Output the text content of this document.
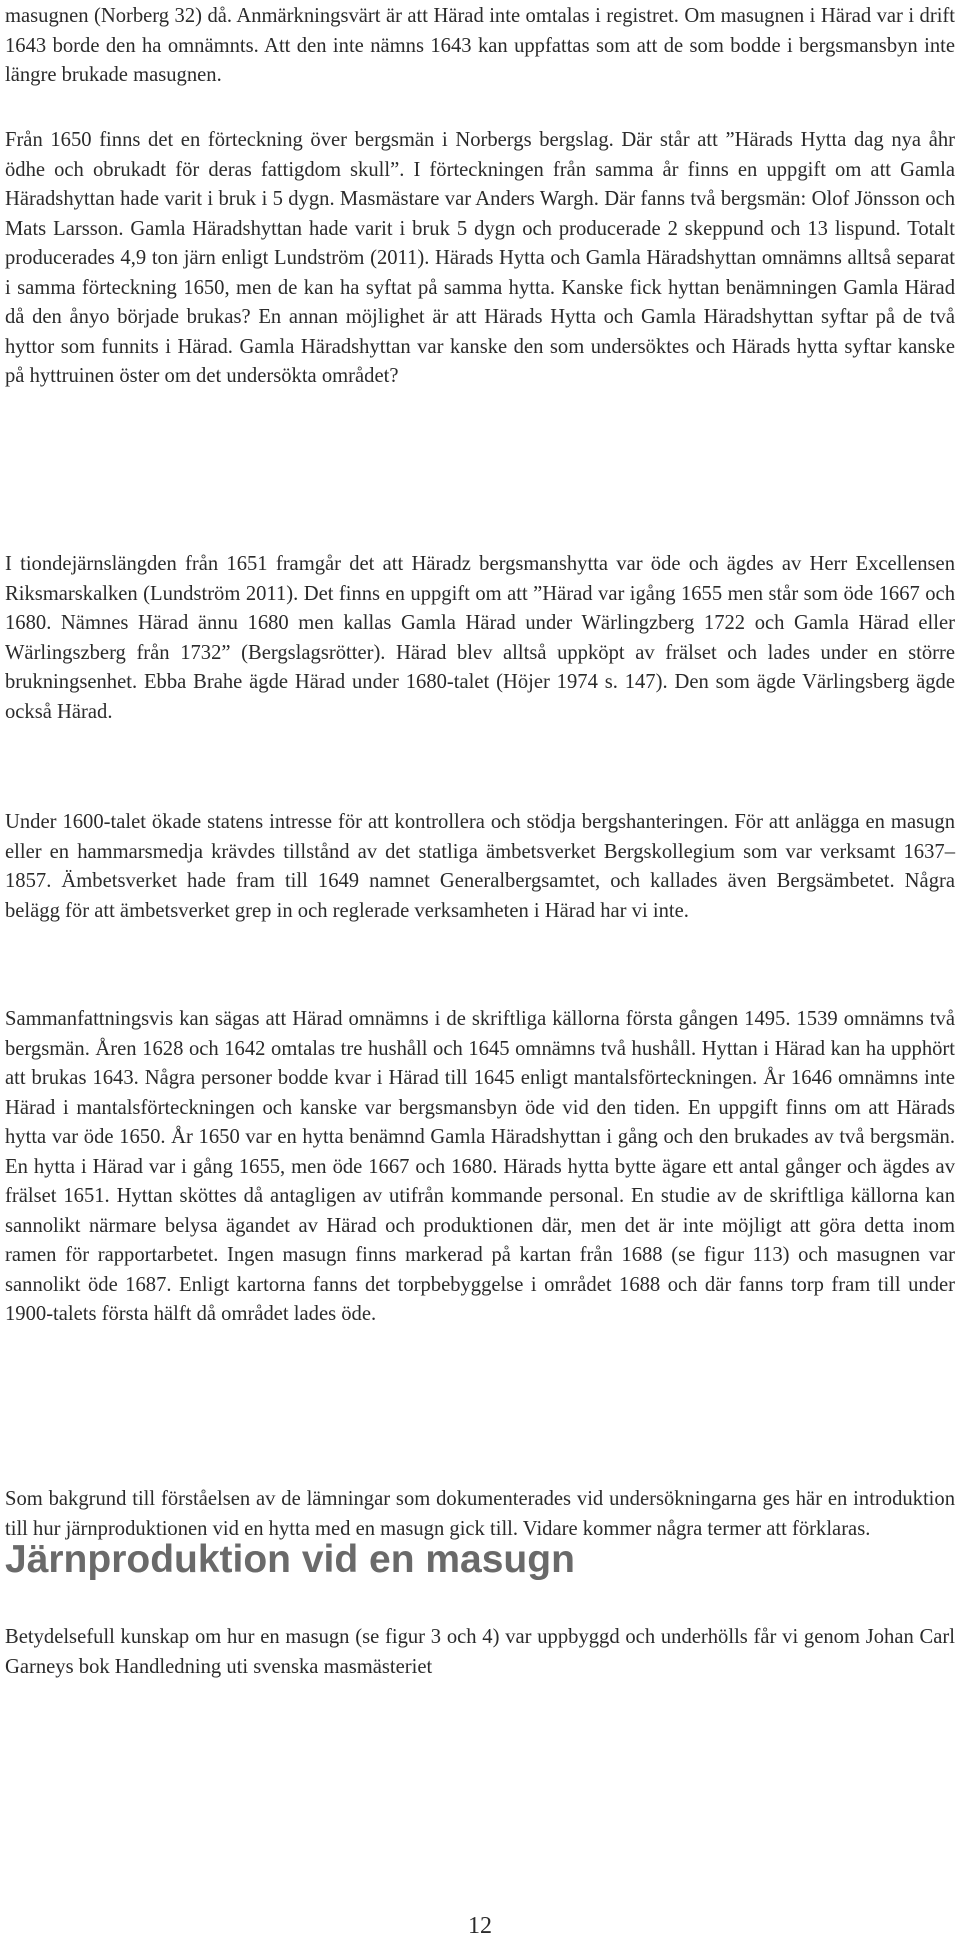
masugnen (Norberg 32) då. Anmärkningsvärt är att Härad inte omtalas i registret. Om masugnen i Härad var i drift 1643 borde den ha omnämnts. Att den inte nämns 1643 kan uppfattas som att de som bodde i bergsmansbyn inte längre brukade masugnen.

Från 1650 finns det en förteckning över bergsmän i Norbergs bergslag. Där står att ”Härads Hytta dag nya åhr ödhe och obrukadt för deras fattigdom skull”. I förteckningen från samma år finns en uppgift om att Gamla Häradshyttan hade varit i bruk i 5 dygn. Masmästare var Anders Wargh. Där fanns två bergsmän: Olof Jönsson och Mats Larsson. Gamla Häradshyttan hade varit i bruk 5 dygn och producerade 2 skeppund och 13 lispund. Totalt producerades 4,9 ton järn enligt Lundström (2011). Härads Hytta och Gamla Häradshyttan omnämns alltså separat i samma förteckning 1650, men de kan ha syftat på samma hytta. Kanske fick hyttan benämningen Gamla Härad då den ånyo började brukas? En annan möjlighet är att Härads Hytta och Gamla Häradshyttan syftar på de två hyttor som funnits i Härad. Gamla Häradshyttan var kanske den som undersöktes och Härads hytta syftar kanske på hyttruinen öster om det undersökta området?

I tiondejärnslängden från 1651 framgår det att Häradz bergsmanshytta var öde och ägdes av Herr Excellensen Riksmarskalken (Lundström 2011). Det finns en uppgift om att ”Härad var igång 1655 men står som öde 1667 och 1680. Nämnes Härad ännu 1680 men kallas Gamla Härad under Wärlingzberg 1722 och Gamla Härad eller Wärlingszberg från 1732” (Bergslagsrötter). Härad blev alltså uppköpt av frälset och lades under en större brukningsenhet. Ebba Brahe ägde Härad under 1680-talet (Höjer 1974 s. 147). Den som ägde Värlingsberg ägde också Härad.

Under 1600-talet ökade statens intresse för att kontrollera och stödja bergshanteringen. För att anlägga en masugn eller en hammarsmedja krävdes tillstånd av det statliga ämbetsverket Bergskollegium som var verksamt 1637–1857. Ämbetsverket hade fram till 1649 namnet Generalbergsamtet, och kallades även Bergsämbetet. Några belägg för att ämbetsverket grep in och reglerade verksamheten i Härad har vi inte.

Sammanfattningsvis kan sägas att Härad omnämns i de skriftliga källorna första gången 1495. 1539 omnämns två bergsmän. Åren 1628 och 1642 omtalas tre hushåll och 1645 omnämns två hushåll. Hyttan i Härad kan ha upphört att brukas 1643. Några personer bodde kvar i Härad till 1645 enligt mantalsförteckningen. År 1646 omnämns inte Härad i mantalsförteckningen och kanske var bergsmansbyn öde vid den tiden. En uppgift finns om att Härads hytta var öde 1650. År 1650 var en hytta benämnd Gamla Häradshyttan i gång och den brukades av två bergsmän. En hytta i Härad var i gång 1655, men öde 1667 och 1680. Härads hytta bytte ägare ett antal gånger och ägdes av frälset 1651. Hyttan sköttes då antagligen av utifrån kommande personal. En studie av de skriftliga källorna kan sannolikt närmare belysa ägandet av Härad och produktionen där, men det är inte möjligt att göra detta inom ramen för rapportarbetet. Ingen masugn finns markerad på kartan från 1688 (se figur 113) och masugnen var sannolikt öde 1687. Enligt kartorna fanns det torpbebyggelse i området 1688 och där fanns torp fram till under 1900-talets första hälft då området lades öde.

Järnproduktion vid en masugn

Som bakgrund till förståelsen av de lämningar som dokumenterades vid undersökningarna ges här en introduktion till hur järnproduktionen vid en hytta med en masugn gick till. Vidare kommer några termer att förklaras.

Betydelsefull kunskap om hur en masugn (se figur 3 och 4) var uppbyggd och underhölls får vi genom Johan Carl Garneys bok Handledning uti svenska masmästeriet

12
